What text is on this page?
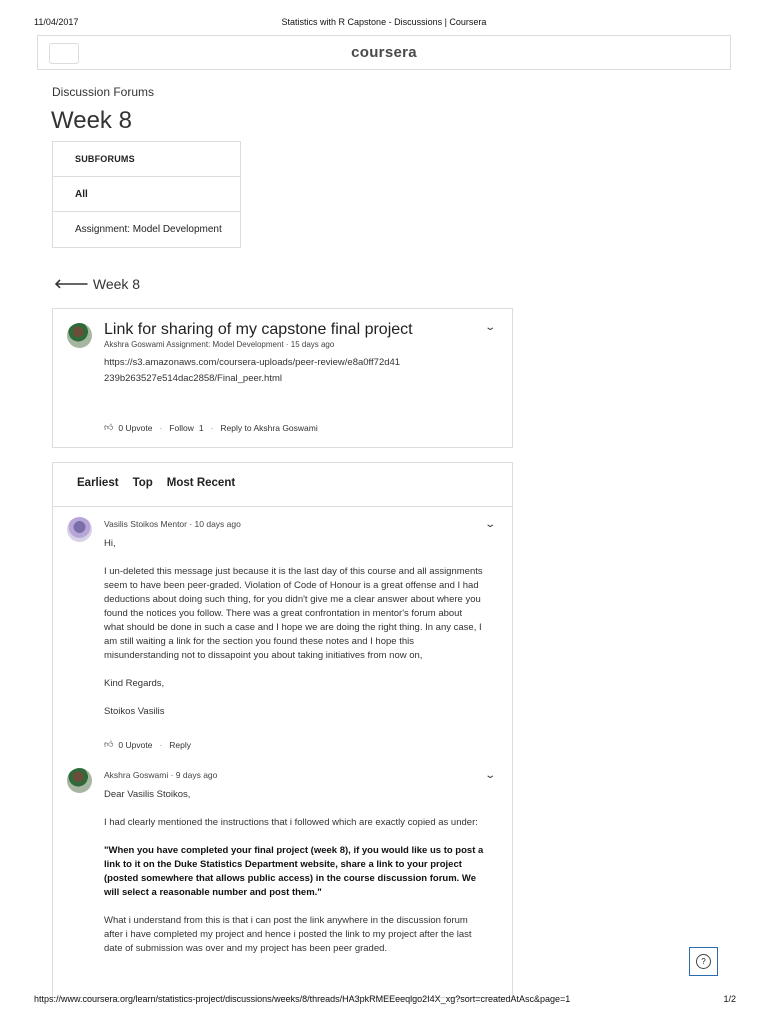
11/04/2017	Statistics with R Capstone - Discussions | Coursera
coursera
Discussion Forums
Week 8
SUBFORUMS
All
Assignment: Model Development
🡐 Week 8
Link for sharing of my capstone final project	⌄
Akshra Goswami Assignment: Model Development · 15 days ago
https://s3.amazonaws.com/coursera-uploads/peer-review/e8a0ff72d41239b263527e514dac2858/Final_peer.html
👍︎ 0 Upvote · Follow 1 · Reply to Akshra Goswami
Earliest Top Most Recent
Vasilis Stoikos Mentor · 10 days ago	⌄

Hi,

I un-deleted this message just because it is the last day of this course and all assignments seem to have been peer-graded. Violation of Code of Honour is a great offense and I had deductions about doing such thing, for you didn't give me a clear answer about where you found the notices you follow. There was a great confrontation in mentor's forum about what should be done in such a case and I hope we are doing the right thing. In any case, I am still waiting a link for the section you found these notes and I hope this misunderstanding not to dissapoint you about taking initiatives from now on,

Kind Regards,

Stoikos Vasilis

👍︎ 0 Upvote · Reply
Akshra Goswami · 9 days ago	⌄

Dear Vasilis Stoikos,

I had clearly mentioned the instructions that i followed which are exactly copied as under:

"When you have completed your final project (week 8), if you would like us to post a link to it on the Duke Statistics Department website, share a link to your project (posted somewhere that allows public access) in the course discussion forum. We will select a reasonable number and post them."

What i understand from this is that i can post the link anywhere in the discussion forum after i have completed my project and hence i posted the link to my project after the last date of submission was over and my project has been peer graded.

?
https://www.coursera.org/learn/statistics-project/discussions/weeks/8/threads/HA3pkRMEEeeqlgo2I4X_xg?sort=createdAtAsc&page=1	1/2
